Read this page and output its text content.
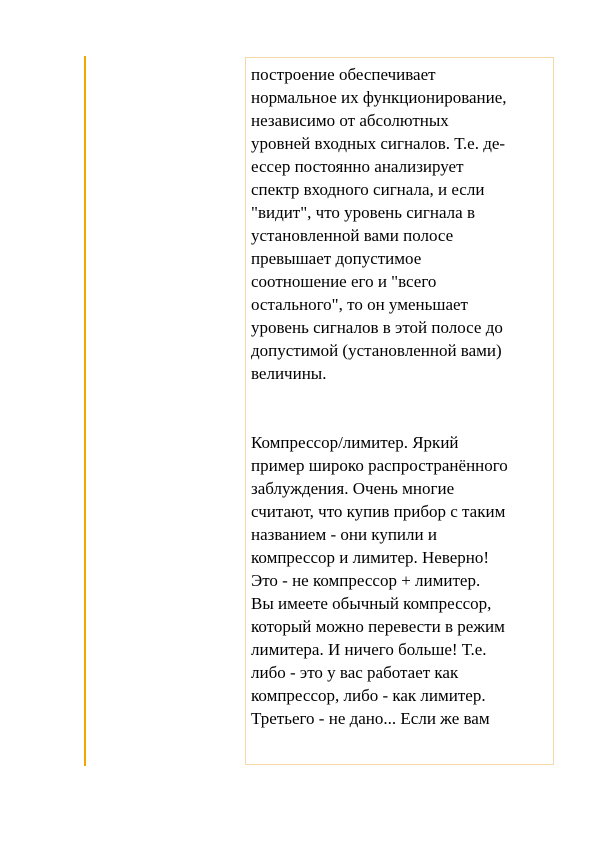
построение обеспечивает
нормальное их функционирование,
независимо от абсолютных
уровней входных сигналов. Т.е. де-
ессер постоянно анализирует
спектр входного сигнала, и если
"видит", что уровень сигнала в
установленной вами полосе
превышает допустимое
соотношение его и "всего
остального", то он уменьшает
уровень сигналов в этой полосе до
допустимой (установленной вами)
величины.
Компрессор/лимитер. Яркий
пример широко распространённого
заблуждения. Очень многие
считают, что купив прибор с таким
названием - они купили и
компрессор и лимитер. Неверно!
Это - не компрессор + лимитер.
Вы имеете обычный компрессор,
который можно перевести в режим
лимитера. И ничего больше! Т.е.
либо - это у вас работает как
компрессор, либо - как лимитер.
Третьего - не дано... Если же вам
